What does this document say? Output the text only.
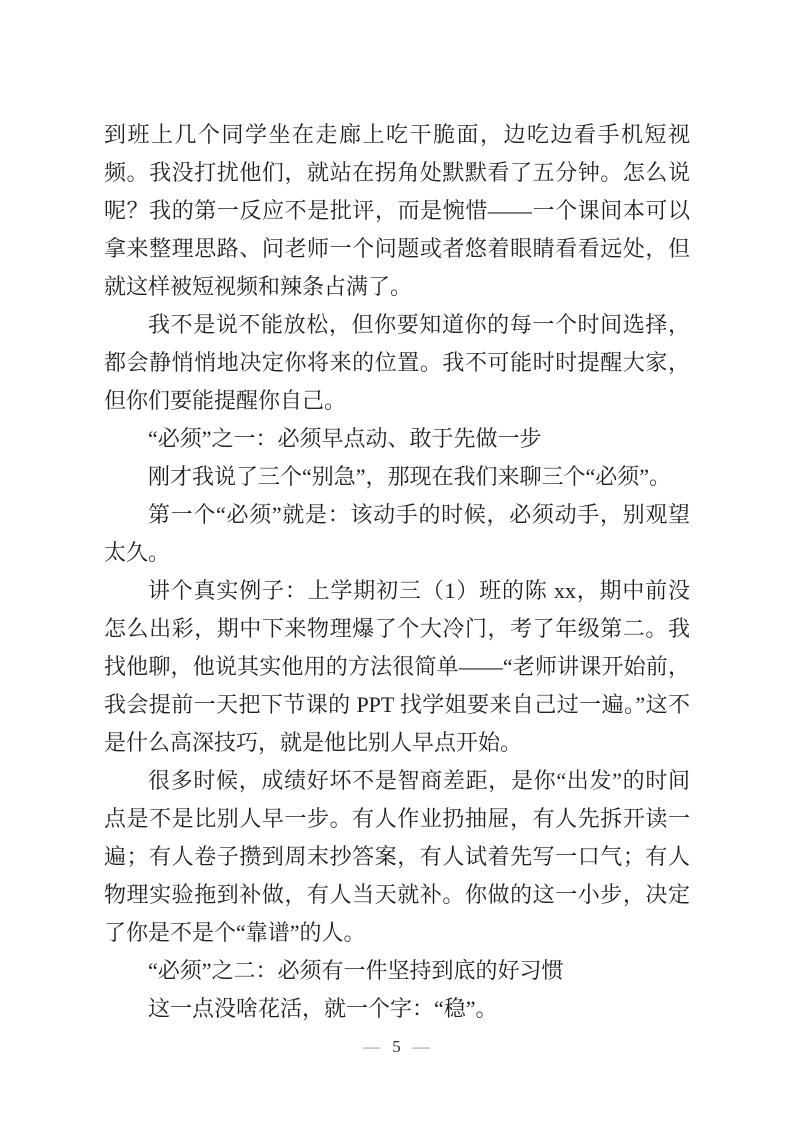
到班上几个同学坐在走廊上吃干脆面，边吃边看手机短视频。我没打扰他们，就站在拐角处默默看了五分钟。怎么说呢？我的第一反应不是批评，而是惋惜——一个课间本可以拿来整理思路、问老师一个问题或者悠着眼睛看看远处，但就这样被短视频和辣条占满了。

我不是说不能放松，但你要知道你的每一个时间选择，都会静悄悄地决定你将来的位置。我不可能时时提醒大家，但你们要能提醒你自己。

“必须”之一：必须早点动、敢于先做一步

刚才我说了三个“别急”，那现在我们来聊三个“必须”。

第一个“必须”就是：该动手的时候，必须动手，别观望太久。

讲个真实例子：上学期初三（1）班的陈 xx，期中前没怎么出彩，期中下来物理爆了个大冷门，考了年级第二。我找他聊，他说其实他用的方法很简单——“老师讲课开始前，我会提前一天把下节课的 PPT 找学姐要来自己过一遍。”这不是什么高深技巧，就是他比别人早点开始。

很多时候，成绩好坏不是智商差距，是你“出发”的时间点是不是比别人早一步。有人作业扔抽屉，有人先拆开读一遍；有人卷子攒到周末抄答案，有人试着先写一口气；有人物理实验拖到补做，有人当天就补。你做的这一小步，决定了你是不是个“靠谱”的人。

“必须”之二：必须有一件坚持到底的好习惯

这一点没啥花活，就一个字：“稳”。

— 5 —
